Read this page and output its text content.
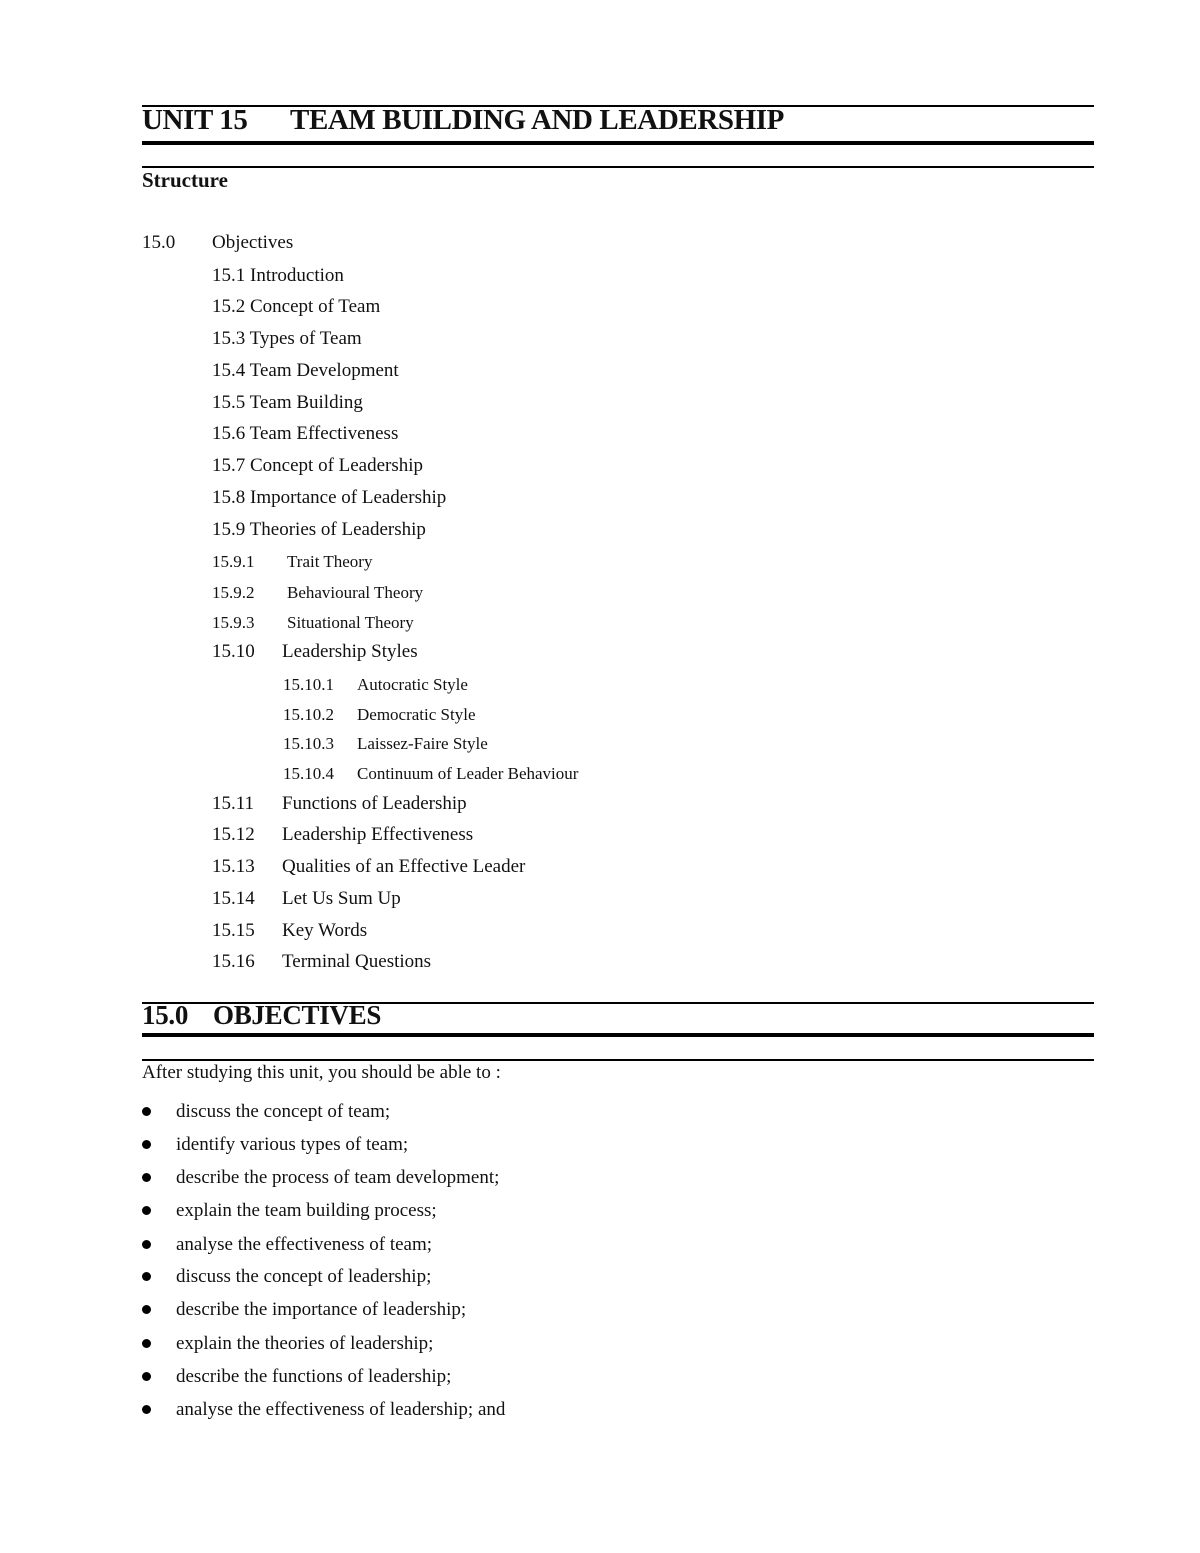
UNIT 15 TEAM BUILDING AND LEADERSHIP
Structure
15.0 Objectives
15.1 Introduction
15.2 Concept of Team
15.3 Types of Team
15.4 Team Development
15.5 Team Building
15.6 Team Effectiveness
15.7 Concept of Leadership
15.8 Importance of Leadership
15.9 Theories of Leadership
15.9.1 Trait Theory
15.9.2 Behavioural Theory
15.9.3 Situational Theory
15.10 Leadership Styles
15.10.1 Autocratic Style
15.10.2 Democratic Style
15.10.3 Laissez-Faire Style
15.10.4 Continuum of Leader Behaviour
15.11 Functions of Leadership
15.12 Leadership Effectiveness
15.13 Qualities of an Effective Leader
15.14 Let Us Sum Up
15.15 Key Words
15.16 Terminal Questions
15.0 OBJECTIVES
After studying this unit, you should be able to :
discuss the concept of team;
identify various types of team;
describe the process of team development;
explain the team building process;
analyse the effectiveness of team;
discuss the concept of leadership;
describe the importance of leadership;
explain the theories of leadership;
describe the functions of leadership;
analyse the effectiveness of leadership; and
